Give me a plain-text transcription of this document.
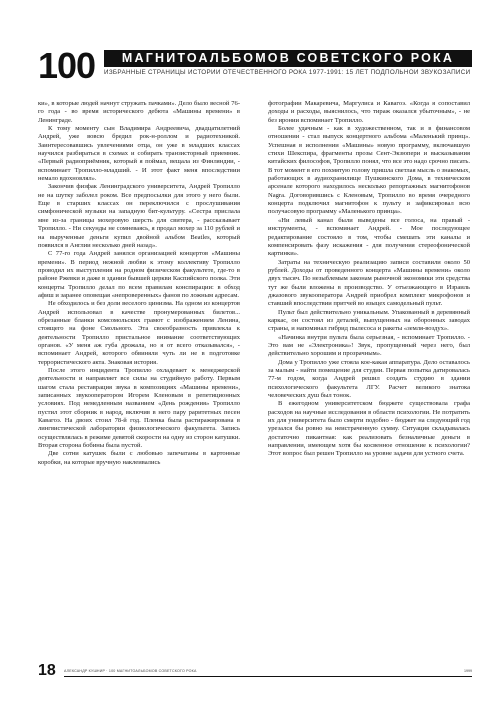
100	МАГНИТОАЛЬБОМОВ СОВЕТСКОГО РОКА
ИЗБРАННЫЕ СТРАНИЦЫ ИСТОРИИ ОТЕЧЕСТВЕННОГО РОКА 1977-1991: 15 ЛЕТ ПОДПОЛЬНОЙ ЗВУКОЗАПИСИ

ки», в которые людей начнут стружать пачками». Дело было весной 76-го года - во время исторического дебюта «Машины времени» в Ленинграде.

К тому моменту сын Владимира Андреевича, двадцатилетний Андрей, уже вовсю бредил рок-н-роллом и радиотехникой. Заинтересовавшись увлечениями отца, он уже в младших классах научился разбираться в схемах и собирать транзисторный приемник. «Первый радиоприёмник, который я поймал, вещала из Финляндии, - вспоминает Тропилло-младший. - И этот факт меня впоследствии немало вдохновлял».

Закончив физфак Ленинградского университета, Андрей Тропилло не на шутку заболел роком. Все предпосылки для этого у него были. Еще в старших классах он переключился с прослушивания симфонической музыки на западную бит-культуру. «Сестра прислала мне из-за границы мохеровую шерсть для свитера, - рассказывает Тропилло. - Ни секунды не сомневаясь, я продал мохер за 110 рублей и на вырученные деньги купил двойной альбом Beatles, который появился в Англии несколько дней назад».

С 77-го года Андрей занялся организацией концертов «Машины времени». В период нежной любви к этому коллективу Тропилло проводил их выступления на родном физическом факультете, где-то в районе Ржевки и даже в здании бывшей церкви Каспийского полка. Эти концерты Тропилло делал по всем правилам конспирации: в обход афиш и заранее оповещая «непроверенных» фанов по ложным адресам.

Не обходилось и без доли веселого цинизма. На одном из концертов Андрей использовал в качестве пронумерованных билетов... обрезанные бланки комсомольских грамот с изображением Ленина, стоящего на фоне Смольного. Эта своеобразность привлекла к деятельности Тропилло пристальное внимание соответствующих органов. «У меня аж губа дрожала, но я от всего отказывался», - вспоминает Андрей, которого обвиняли чуть ли не в подготовке террористического акта. Знаковая история.

После этого инцидента Тропилло охладевает к менеджерской деятельности и направляет все силы на студийную работу. Первым шагом стала реставрация звука в композициях «Машины времени», записанных звукооператором Игорем Кленовым в репетиционных условиях. Под немедленным названием «День рождения» Тропилло пустил этот сборник в народ, включив в него пару раритетных песен Кавагоэ. На двоих стоил 78-й год. Пленка была растиражирована в лингвистической лаборатории физиологического факультета. Запись осуществлялась в режиме девятой скорости на одну из сторон катушки. Вторая сторона бобины была пустой.

Две сотни катушек были с любовью запечатаны в картонные коробки, на которые вручную наклеивались

фотографии Макаревича, Маргулиса и Кавагоэ. «Когда я сопоставил доходы и расходы, выяснилось, что тираж оказался убыточным», - не без иронии вспоминает Тропилло.

Более удачным - как в художественном, так и в финансовом отношении - стал выпуск концертного альбома «Маленький принц». Успешная в исполнении «Машины» новую программу, включавшую стихи Шекспира, фрагменты прозы Сент-Экзюпери и высказывания китайских философов, Тропилло понял, что все это надо срочно писать. В тот момент в его похмятую голову пришла светлая мысль о знакомых, работающих в аудиохранилище Пушкинского Дома, в техническом арсенале которого находилось несколько репортажных магнитофонов Nagra. Договорившись с Кленовым, Тропилло во время очередного концерта подключил магнитофон к пульту и зафиксировал всю получасовую программу «Маленького принца».

«Ни левый канал были выведены все голоса, на правый - инструменты, - вспоминает Андрей. - Мое последующее редактирование состояло в том, чтобы смешать эти каналы и компенсировать фазу искажения - для получения стереофонической картинки».

Затраты на техническую реализацию записи составили около 50 рублей. Доходы от проведенного концерта «Машины времени» около двух тысяч. По незыблемым законам рыночной экономики эти средства тут же были вложены в производство. У отъезжающего в Израиль джазового звукооператора Андрей приобрел комплект микрофонов и ставший впоследствии притчей во языцех самодельный пульт.

Пульт был действительно уникальным. Упакованный в деревянный каркас, он состоял из деталей, выпущенных на оборонных заводах страны, и напоминал гибрид пылесоса и ракеты «земля-воздух».

«Начинка внутри пульта была серьезная, - вспоминает Тропилло. - Это вам не «Электроника»! Звук, пропущенный через него, был действительно хорошим и прозрачным».

Дома у Тропилло уже стояла кое-какая аппаратура. Дело оставалось за малым - найти помещение для студии. Первая попытка датировалась 77-м годом, когда Андрей решил создать студию в здании психологического факультета ЛГУ. Расчет великого знатока человеческих душ был тонок.

В ежегодном университетском бюджете существовала графа расходов на научные исследования в области психологии. Не потратить их для университета было смерти подобно - бюджет на следующий год урезался бы ровно на неистраченную сумму. Ситуация складывалась достаточно пикантная: как реализовать безналичные деньги в направлении, имеющем хотя бы косвенное отношение к психологии? Этот вопрос был решен Тропилло на уровне задачи для устного счета.

18 АЛЕКСАНДР КУШНИР · 100 МАГНИТОАЛЬБОМОВ СОВЕТСКОГО РОКА	1999
